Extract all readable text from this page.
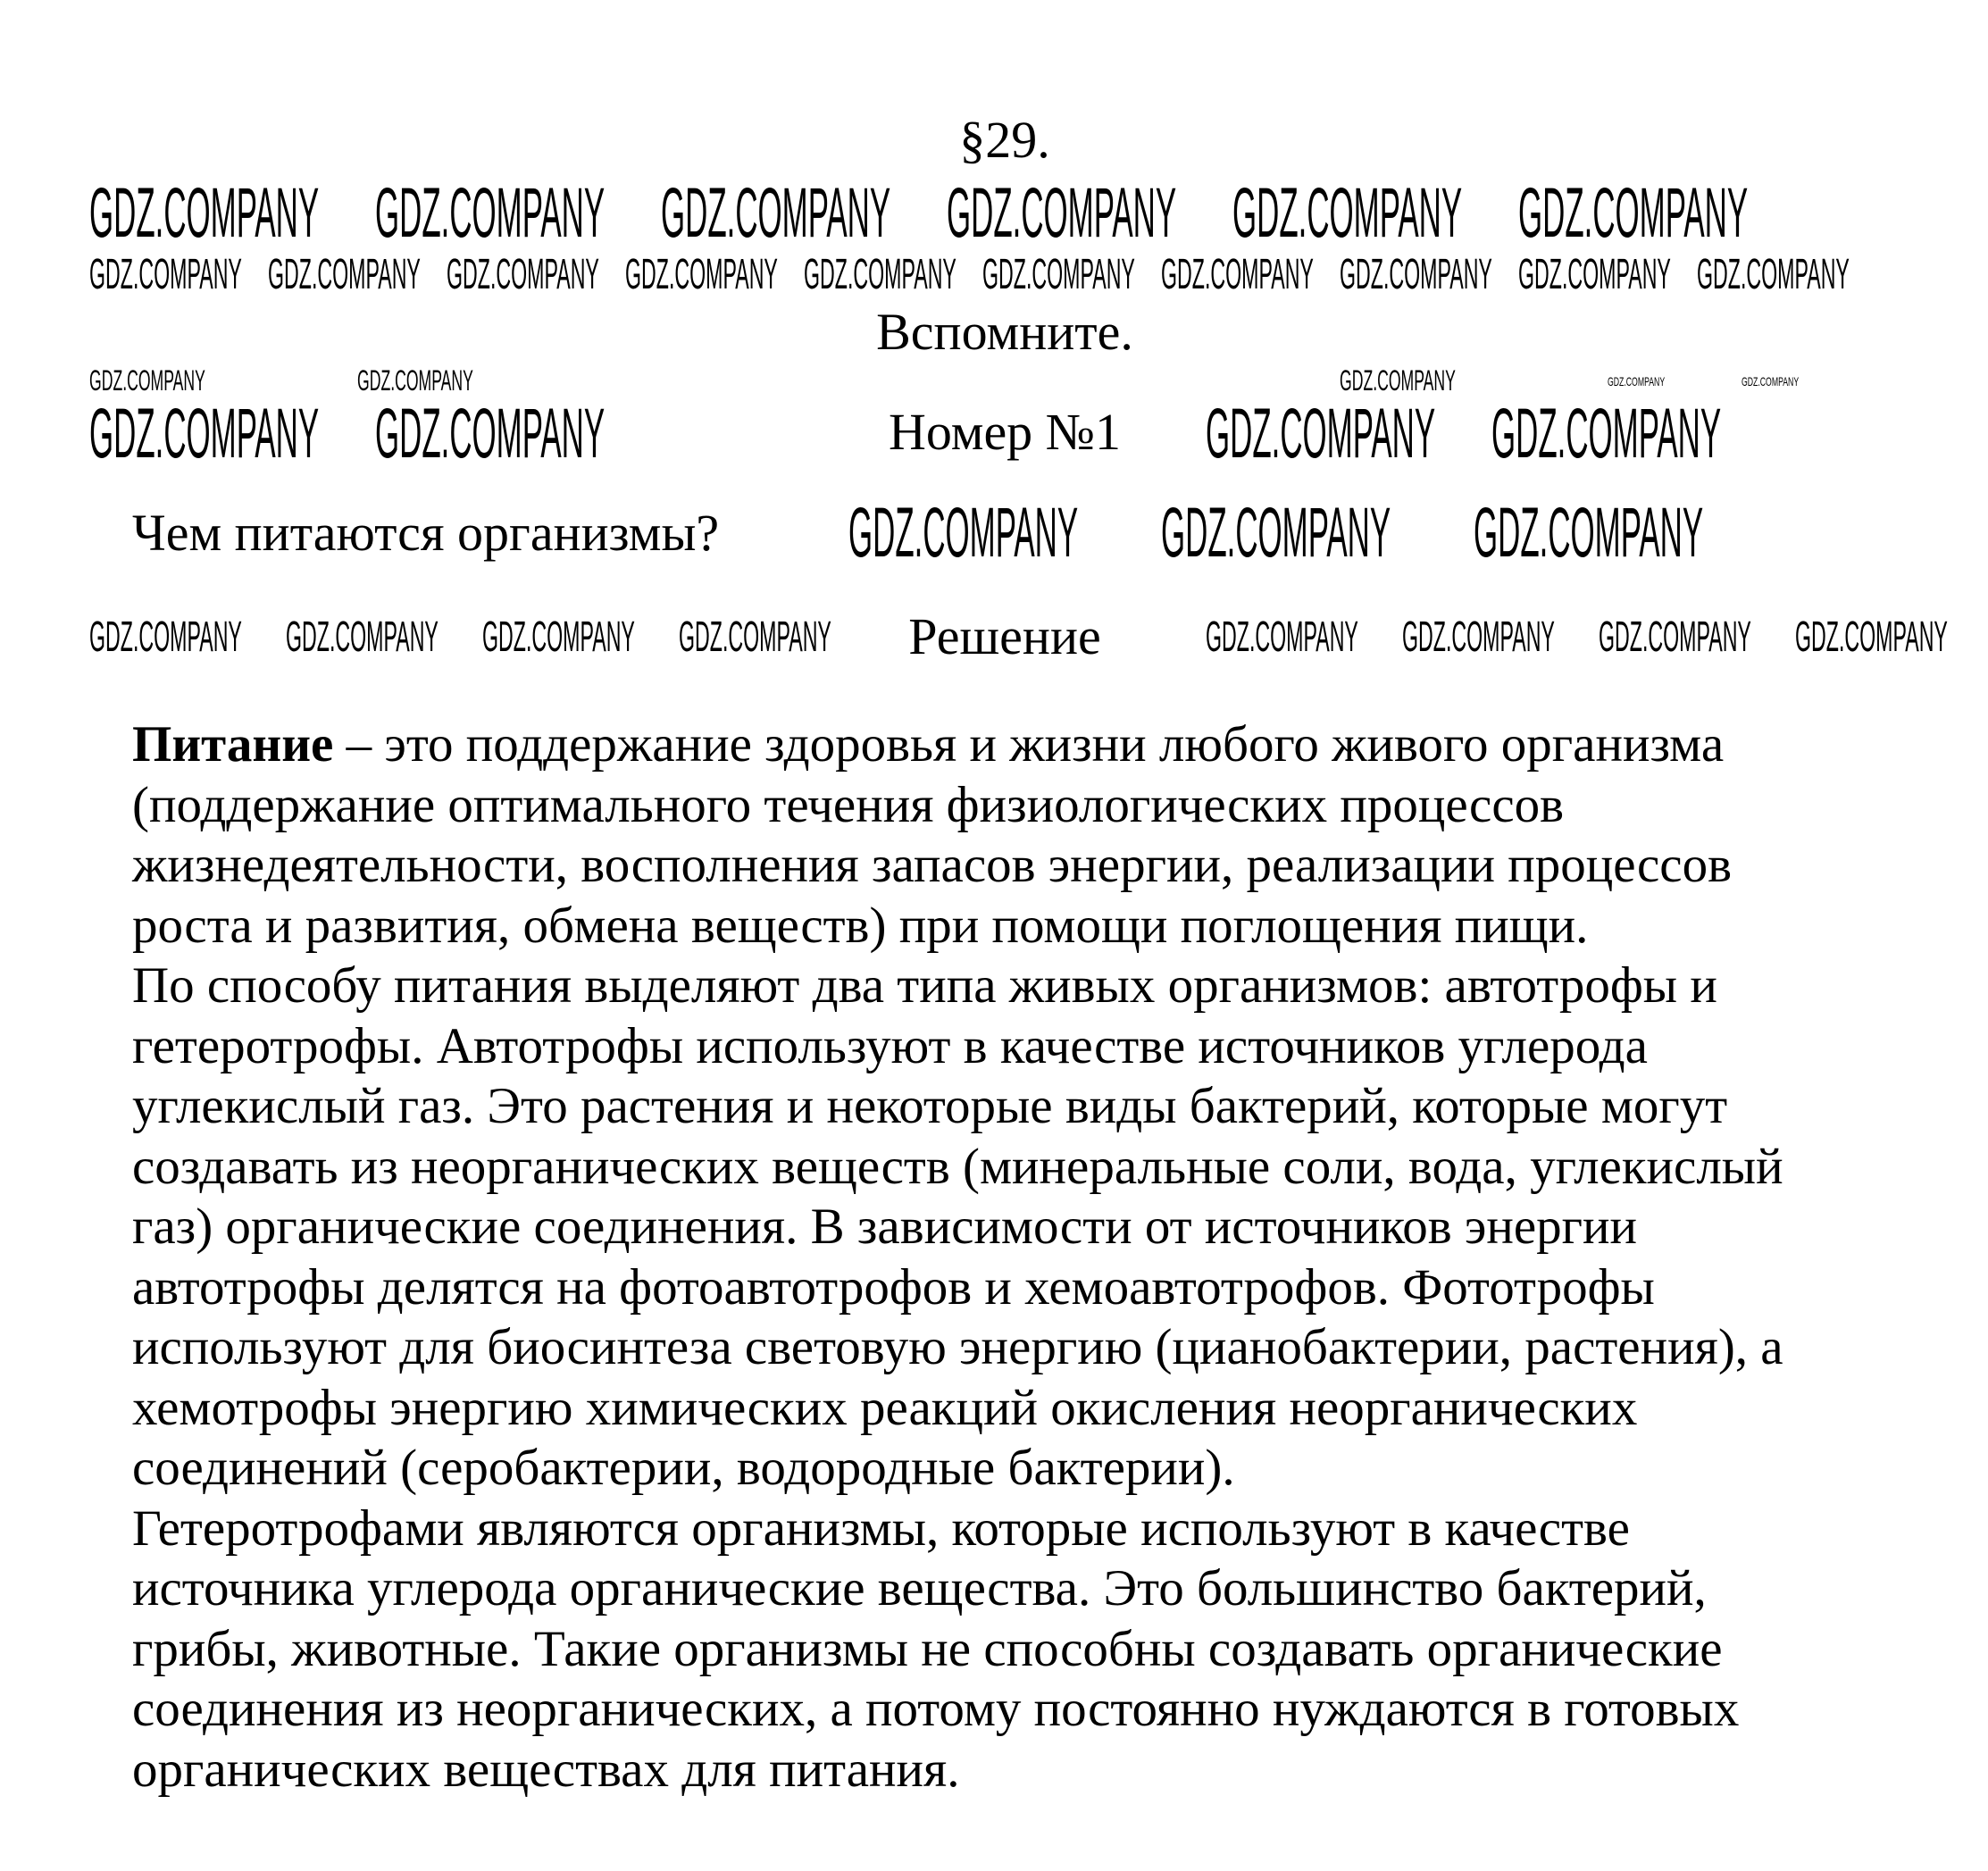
§29.
Вспомните.
Номер №1
Чем питаются организмы?
Решение
Питание – это поддержание здоровья и жизни любого живого организма
(поддержание оптимального течения физиологических процессов
жизнедеятельности, восполнения запасов энергии, реализации процессов
роста и развития, обмена веществ) при помощи поглощения пищи.
По способу питания выделяют два типа живых организмов: автотрофы и
гетеротрофы. Автотрофы используют в качестве источников углерода
углекислый газ. Это растения и некоторые виды бактерий, которые могут
создавать из неорганических веществ (минеральные соли, вода, углекислый
газ) органические соединения. В зависимости от источников энергии
автотрофы делятся на фотоавтотрофов и хемоавтотрофов. Фототрофы
используют для биосинтеза световую энергию (цианобактерии, растения), а
хемотрофы энергию химических реакций окисления неорганических
соединений (серобактерии, водородные бактерии).
Гетеротрофами являются организмы, которые используют в качестве
источника углерода органические вещества. Это большинство бактерий,
грибы, животные. Такие организмы не способны создавать органические
соединения из неорганических, а потому постоянно нуждаются в готовых
органических веществах для питания.
GDZ.COMPANY GDZ.COMPANY GDZ.COMPANY GDZ.COMPANY GDZ.COMPANY GDZ.COMPANY
GDZ.COMPANY GDZ.COMPANY GDZ.COMPANY GDZ.COMPANY GDZ.COMPANY GDZ.COMPANY GDZ.COMPANY GDZ.COMPANY GDZ.COMPANY GDZ.COMPANY
GDZ.COMPANY	GDZ.COMPANY	GDZ.COMPANY	GDZ.COMPANY	GDZ.COMPANY
GDZ.COMPANY GDZ.COMPANY	GDZ.COMPANY GDZ.COMPANY
GDZ.COMPANY GDZ.COMPANY GDZ.COMPANY
GDZ.COMPANY GDZ.COMPANY GDZ.COMPANY GDZ.COMPANY	GDZ.COMPANY GDZ.COMPANY GDZ.COMPANY GDZ.COMPANY
